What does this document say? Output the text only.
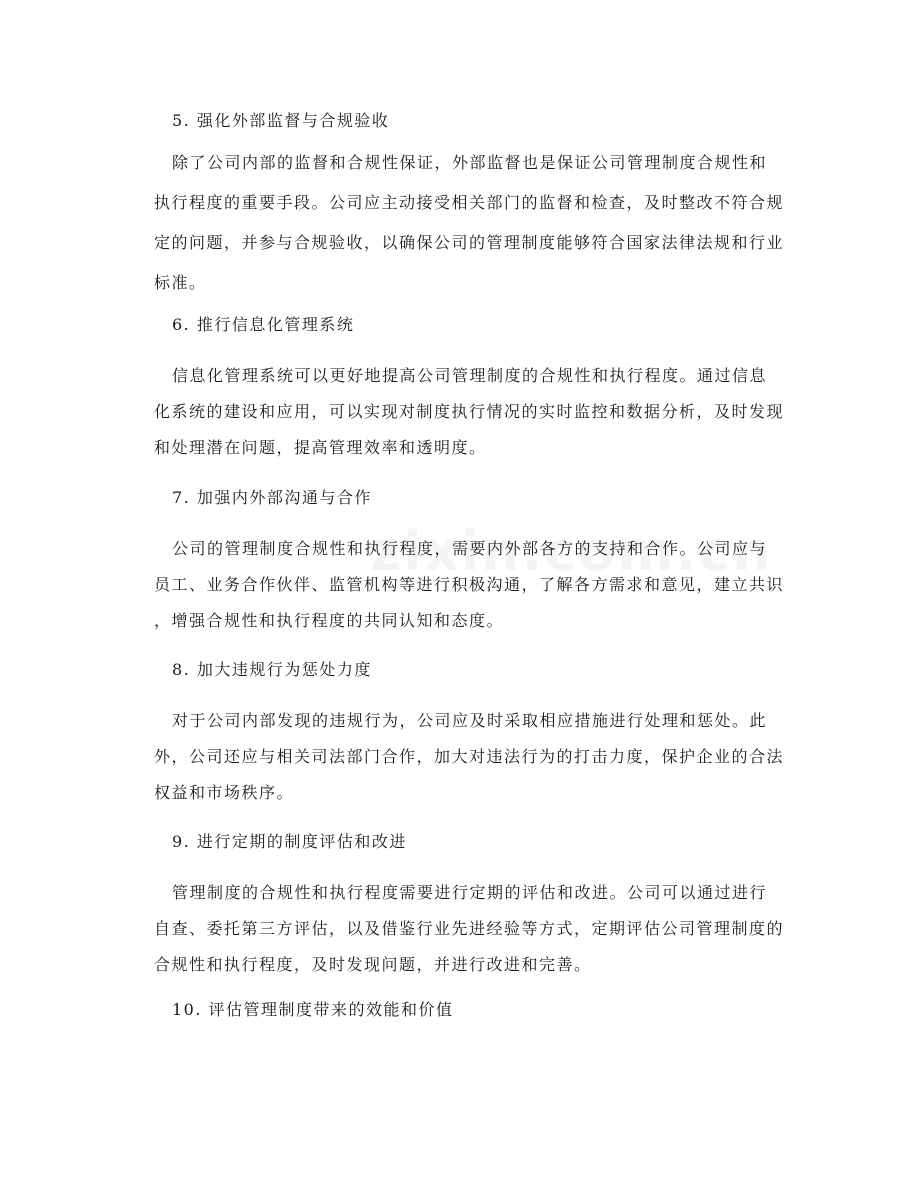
5. 强化外部监督与合规验收
除了公司内部的监督和合规性保证，外部监督也是保证公司管理制度合规性和
执行程度的重要手段。公司应主动接受相关部门的监督和检查，及时整改不符合规
定的问题，并参与合规验收，以确保公司的管理制度能够符合国家法律法规和行业
标准。
6. 推行信息化管理系统
信息化管理系统可以更好地提高公司管理制度的合规性和执行程度。通过信息
化系统的建设和应用，可以实现对制度执行情况的实时监控和数据分析，及时发现
和处理潜在问题，提高管理效率和透明度。
7. 加强内外部沟通与合作
公司的管理制度合规性和执行程度，需要内外部各方的支持和合作。公司应与
员工、业务合作伙伴、监管机构等进行积极沟通，了解各方需求和意见，建立共识
，增强合规性和执行程度的共同认知和态度。
8. 加大违规行为惩处力度
对于公司内部发现的违规行为，公司应及时采取相应措施进行处理和惩处。此
外，公司还应与相关司法部门合作，加大对违法行为的打击力度，保护企业的合法
权益和市场秩序。
9. 进行定期的制度评估和改进
管理制度的合规性和执行程度需要进行定期的评估和改进。公司可以通过进行
自查、委托第三方评估，以及借鉴行业先进经验等方式，定期评估公司管理制度的
合规性和执行程度，及时发现问题，并进行改进和完善。
10. 评估管理制度带来的效能和价值
